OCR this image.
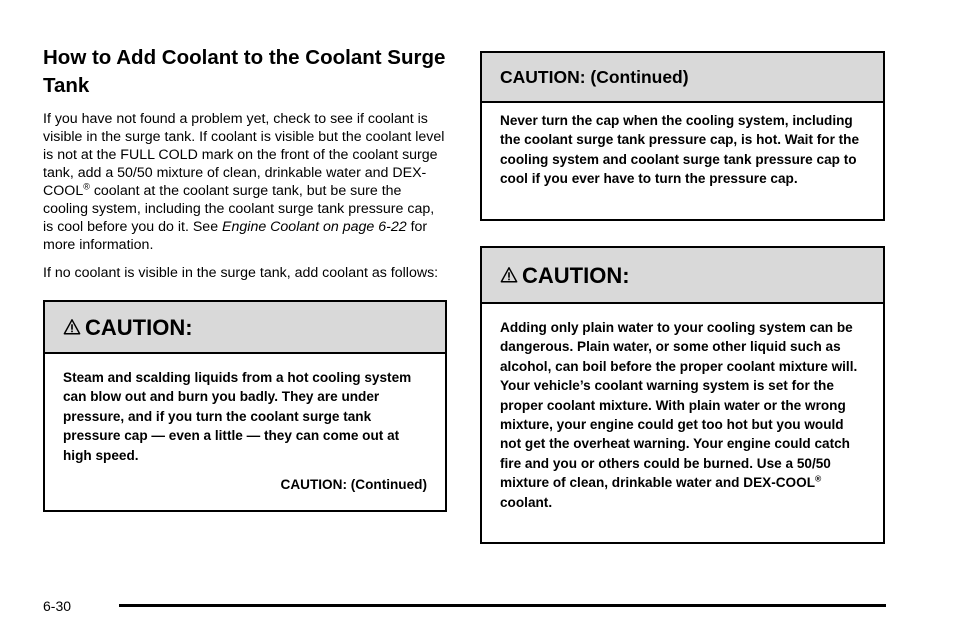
How to Add Coolant to the Coolant Surge Tank

If you have not found a problem yet, check to see if coolant is visible in the surge tank. If coolant is visible but the coolant level is not at the FULL COLD mark on the front of the coolant surge tank, add a 50/50 mixture of clean, drinkable water and DEX-COOL® coolant at the coolant surge tank, but be sure the cooling system, including the coolant surge tank pressure cap, is cool before you do it. See Engine Coolant on page 6-22 for more information.

If no coolant is visible in the surge tank, add coolant as follows:

CAUTION:
Steam and scalding liquids from a hot cooling system can blow out and burn you badly. They are under pressure, and if you turn the coolant surge tank pressure cap — even a little — they can come out at high speed.
CAUTION: (Continued)
CAUTION: (Continued)
Never turn the cap when the cooling system, including the coolant surge tank pressure cap, is hot. Wait for the cooling system and coolant surge tank pressure cap to cool if you ever have to turn the pressure cap.
CAUTION:
Adding only plain water to your cooling system can be dangerous. Plain water, or some other liquid such as alcohol, can boil before the proper coolant mixture will. Your vehicle’s coolant warning system is set for the proper coolant mixture. With plain water or the wrong mixture, your engine could get too hot but you would not get the overheat warning. Your engine could catch fire and you or others could be burned. Use a 50/50 mixture of clean, drinkable water and DEX-COOL® coolant.
6-30
